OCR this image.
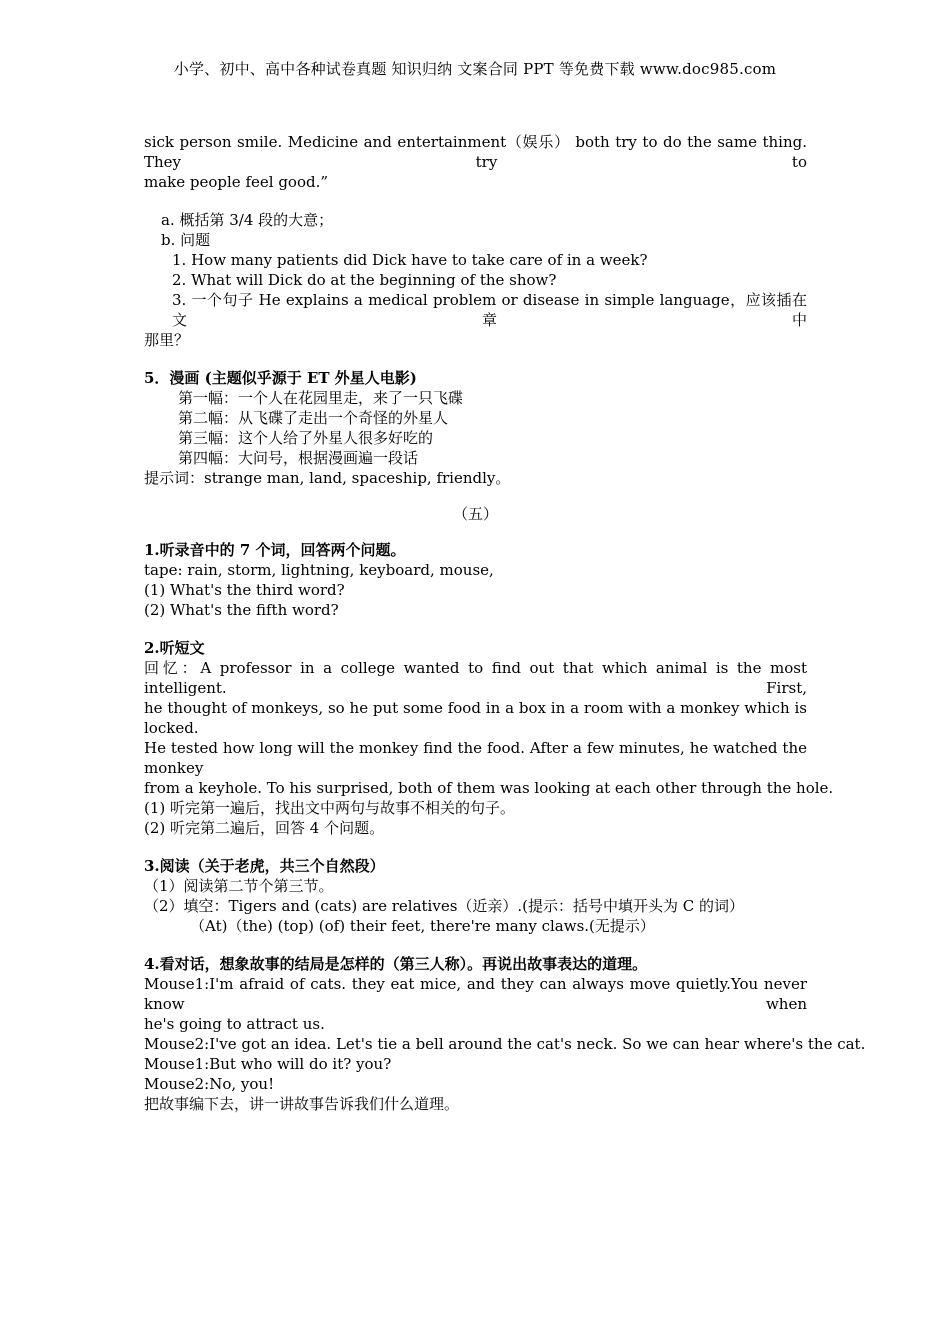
小学、初中、高中各种试卷真题 知识归纳 文案合同 PPT 等免费下载 www.doc985.com
sick person smile. Medicine and entertainment（娱乐） both try to do the same thing. They try to
make people feel good.”
a. 概括第 3/4 段的大意；
b. 问题
1. How many patients did Dick have to take care of in a week?
2. What will Dick do at the beginning of the show?
3. 一个句子 He explains a medical problem or disease in simple language，应该插在文章中
那里？
5．漫画 (主题似乎源于 ET 外星人电影)
第一幅：一个人在花园里走，来了一只飞碟
第二幅：从飞碟了走出一个奇怪的外星人
第三幅：这个人给了外星人很多好吃的
第四幅：大问号，根据漫画遍一段话
提示词：strange man, land, spaceship, friendly。
（五）
1.听录音中的 7 个词，回答两个问题。
tape: rain, storm, lightning, keyboard, mouse,
(1) What's the third word?
(2) What's the fifth word?
2.听短文
回忆：A professor in a college wanted to find out that which animal is the most intelligent. First,
he thought of monkeys, so he put some food in a box in a room with a monkey which is locked.
He tested how long will the monkey find the food. After a few minutes, he watched the monkey
from a keyhole. To his surprised, both of them was looking at each other through the hole.
(1) 听完第一遍后，找出文中两句与故事不相关的句子。
(2) 听完第二遍后，回答 4 个问题。
3.阅读（关于老虎，共三个自然段）
（1）阅读第二节个第三节。
（2）填空：Tigers and (cats) are relatives（近亲）.(提示：括号中填开头为 C 的词）
（At)（the) (top) (of) their feet, there're many claws.(无提示）
4.看对话，想象故事的结局是怎样的（第三人称）。再说出故事表达的道理。
Mouse1:I'm afraid of cats. they eat mice, and they can always move quietly.You never know when
he's going to attract us.
Mouse2:I've got an idea. Let's tie a bell around the cat's neck. So we can hear where's the cat.
Mouse1:But who will do it? you?
Mouse2:No, you!
把故事编下去，讲一讲故事告诉我们什么道理。
